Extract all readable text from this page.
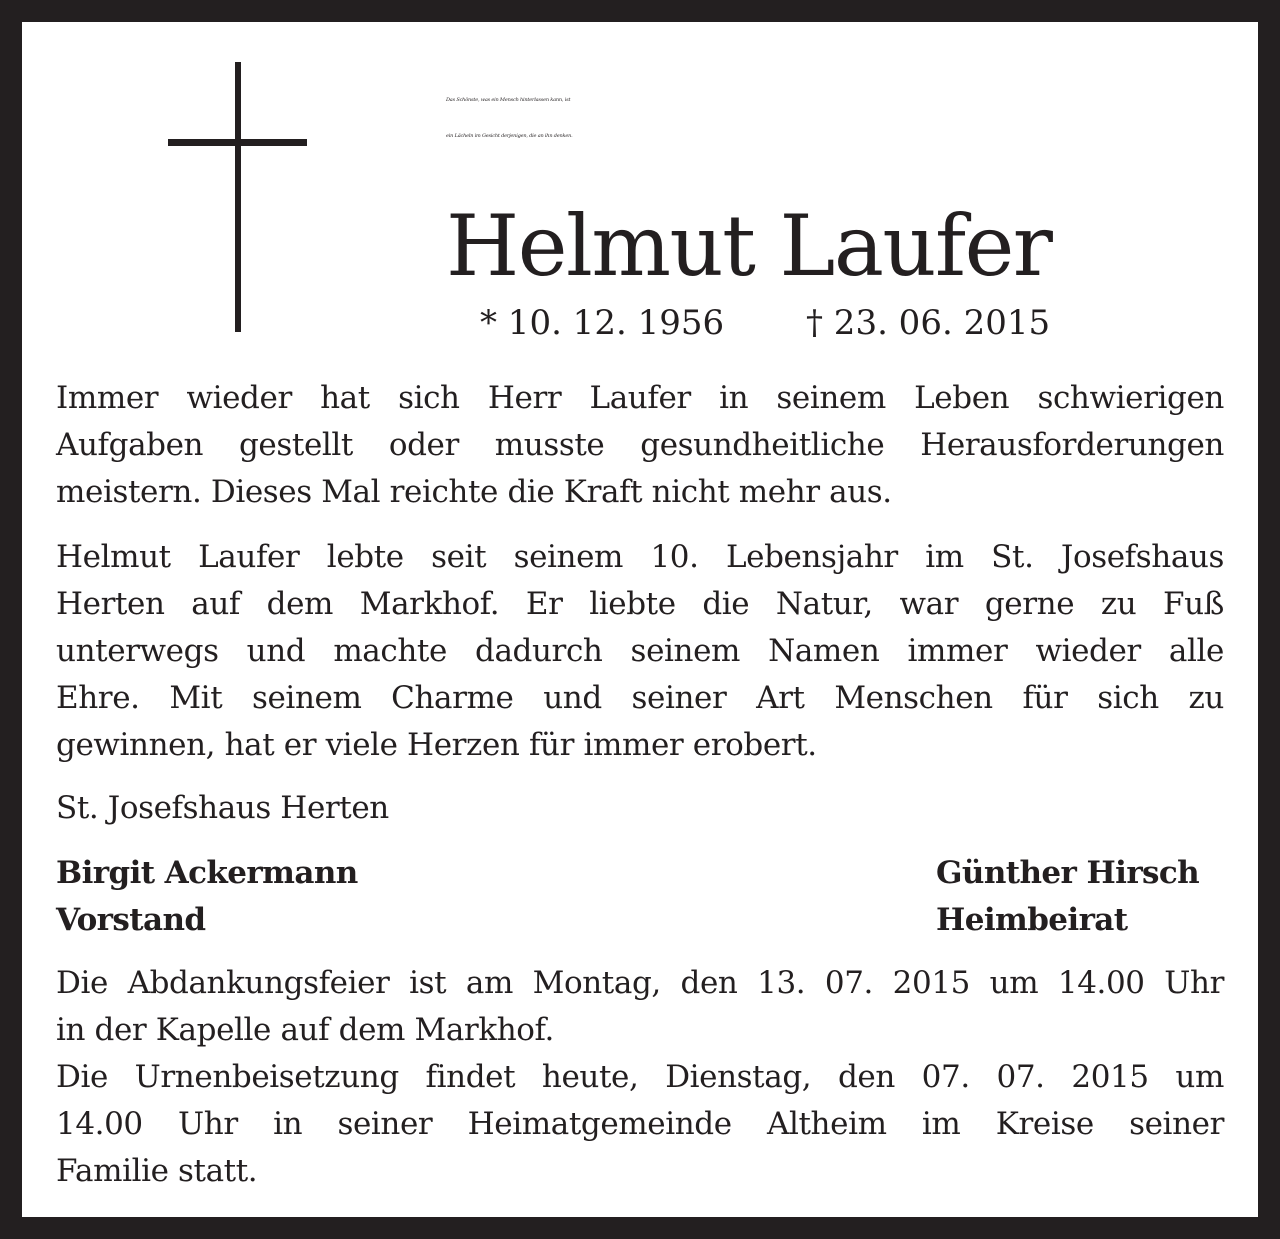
Das Schönste, was ein Mensch hinterlassen kann, ist
ein Lächeln im Gesicht derjenigen, die an ihn denken.
Helmut Laufer
* 10. 12. 1956 † 23. 06. 2015
Immer wieder hat sich Herr Laufer in seinem Leben schwierigen
Aufgaben gestellt oder musste gesundheitliche Herausforderungen
meistern. Dieses Mal reichte die Kraft nicht mehr aus.
Helmut Laufer lebte seit seinem 10. Lebensjahr im St. Josefshaus
Herten auf dem Markhof. Er liebte die Natur, war gerne zu Fuß
unterwegs und machte dadurch seinem Namen immer wieder alle
Ehre. Mit seinem Charme und seiner Art Menschen für sich zu
gewinnen, hat er viele Herzen für immer erobert.
St. Josefshaus Herten
Birgit Ackermann
Vorstand
Günther Hirsch
Heimbeirat
Die Abdankungsfeier ist am Montag, den 13. 07. 2015 um 14.00 Uhr
in der Kapelle auf dem Markhof.
Die Urnenbeisetzung findet heute, Dienstag, den 07. 07. 2015 um
14.00 Uhr in seiner Heimatgemeinde Altheim im Kreise seiner
Familie statt.
